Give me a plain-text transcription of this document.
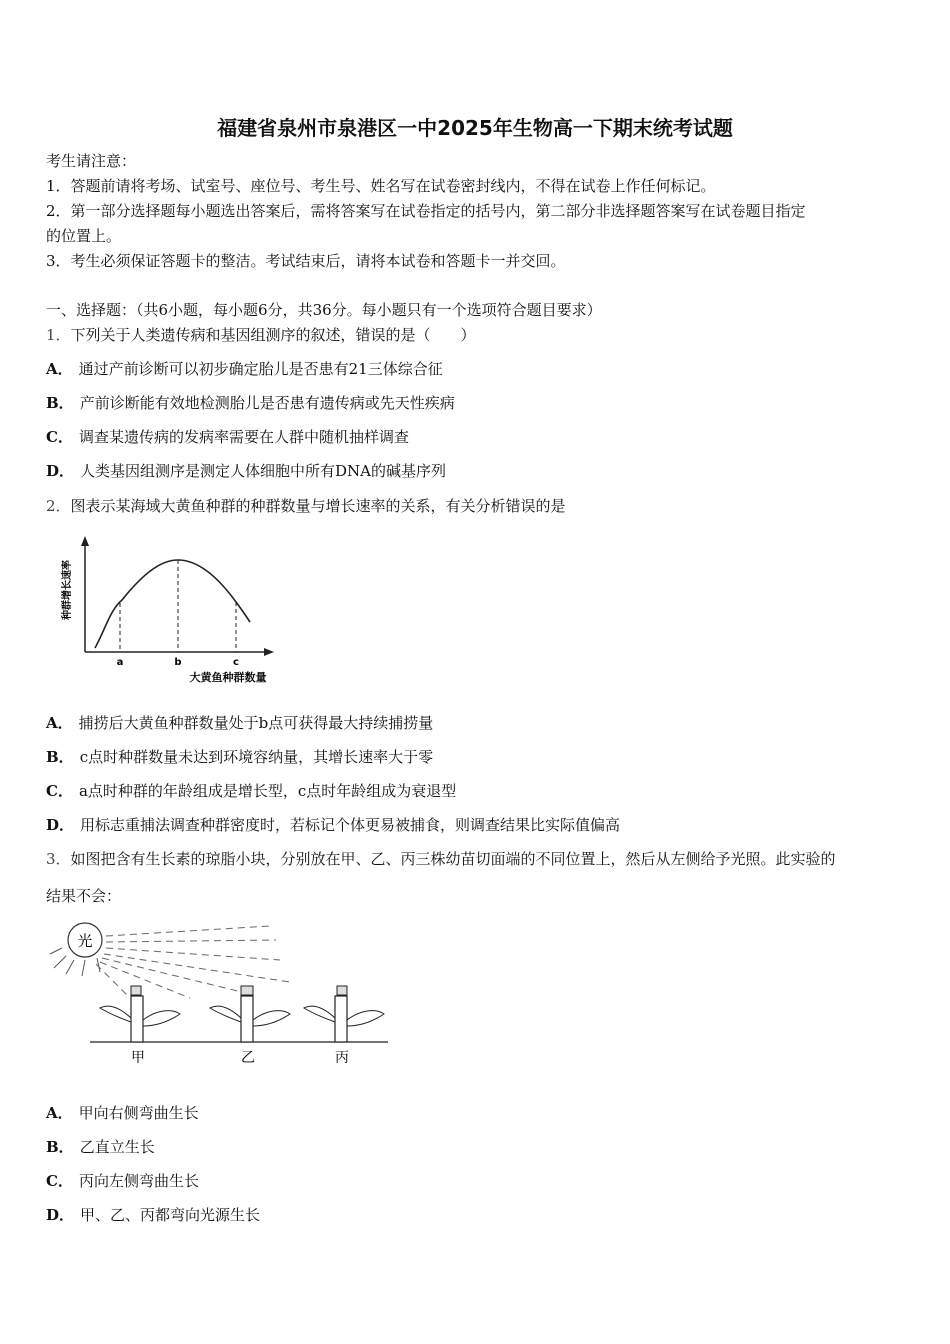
福建省泉州市泉港区一中2025年生物高一下期末统考试题
考生请注意：
1．答题前请将考场、试室号、座位号、考生号、姓名写在试卷密封线内，不得在试卷上作任何标记。
2．第一部分选择题每小题选出答案后，需将答案写在试卷指定的括号内，第二部分非选择题答案写在试卷题目指定
的位置上。
3．考生必须保证答题卡的整洁。考试结束后，请将本试卷和答题卡一并交回。
一、选择题：（共6小题，每小题6分，共36分。每小题只有一个选项符合题目要求）
1．下列关于人类遗传病和基因组测序的叙述，错误的是（　　）
A． 通过产前诊断可以初步确定胎儿是否患有21三体综合征
B． 产前诊断能有效地检测胎儿是否患有遗传病或先天性疾病
C． 调查某遗传病的发病率需要在人群中随机抽样调查
D． 人类基因组测序是测定人体细胞中所有DNA的碱基序列
2．图表示某海域大黄鱼种群的种群数量与增长速率的关系，有关分析错误的是
a	b	c
大黄鱼种群数量
种群增长速率
A． 捕捞后大黄鱼种群数量处于b点可获得最大持续捕捞量
B． c点时种群数量未达到环境容纳量，其增长速率大于零
C． a点时种群的年龄组成是增长型，c点时年龄组成为衰退型
D． 用标志重捕法调查种群密度时，若标记个体更易被捕食，则调查结果比实际值偏高
3．如图把含有生长素的琼脂小块，分别放在甲、乙、丙三株幼苗切面端的不同位置上，然后从左侧给予光照。此实验的
结果不会：
光
甲	乙	丙
A． 甲向右侧弯曲生长
B． 乙直立生长
C． 丙向左侧弯曲生长
D． 甲、乙、丙都弯向光源生长
